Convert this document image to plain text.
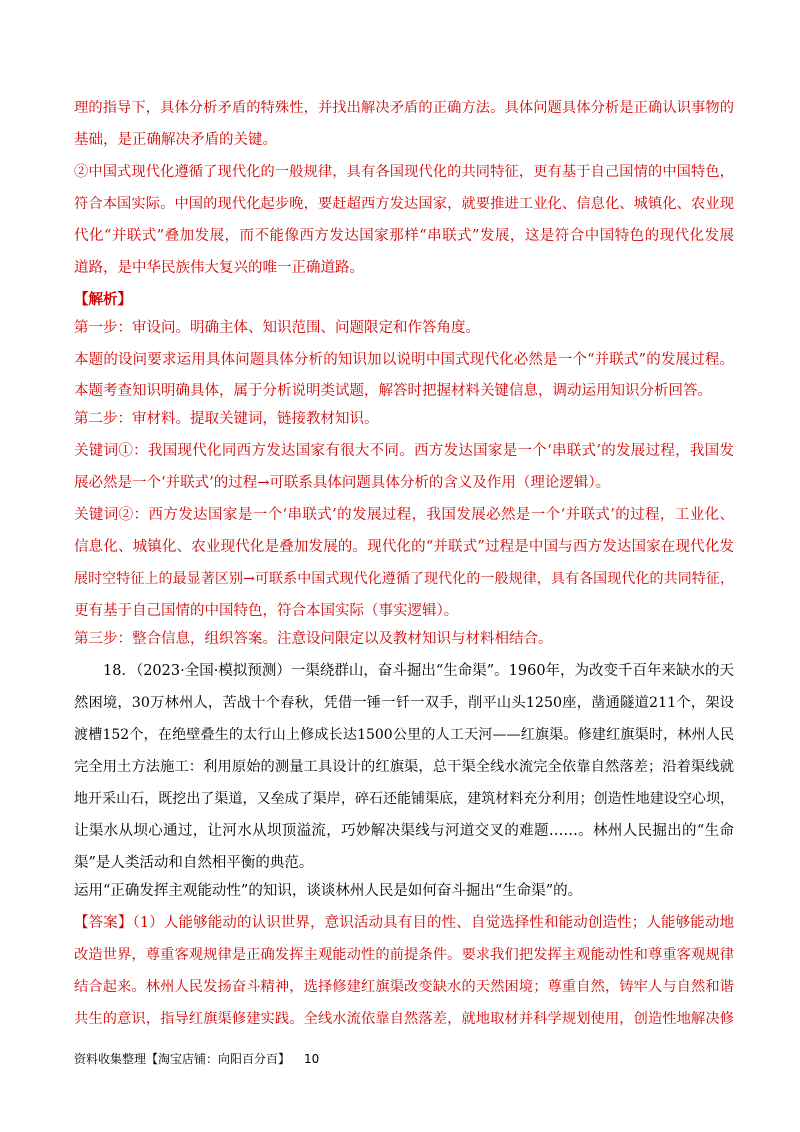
理的指导下，具体分析矛盾的特殊性，并找出解决矛盾的正确方法。具体问题具体分析是正确认识事物的
基础，是正确解决矛盾的关键。
②中国式现代化遵循了现代化的一般规律，具有各国现代化的共同特征，更有基于自己国情的中国特色，
符合本国实际。中国的现代化起步晚，要赶超西方发达国家，就要推进工业化、信息化、城镇化、农业现
代化“并联式”叠加发展，而不能像西方发达国家那样“串联式”发展，这是符合中国特色的现代化发展
道路，是中华民族伟大复兴的唯一正确道路。
【解析】
第一步：审设问。明确主体、知识范围、问题限定和作答角度。
本题的设问要求运用具体问题具体分析的知识加以说明中国式现代化必然是一个“并联式”的发展过程。
本题考查知识明确具体，属于分析说明类试题，解答时把握材料关键信息，调动运用知识分析回答。
第二步：审材料。提取关键词，链接教材知识。
关键词①：我国现代化同西方发达国家有很大不同。西方发达国家是一个‘串联式’的发展过程，我国发
展必然是一个‘并联式’的过程→可联系具体问题具体分析的含义及作用（理论逻辑）。
关键词②：西方发达国家是一个‘串联式’的发展过程，我国发展必然是一个‘并联式’的过程，工业化、
信息化、城镇化、农业现代化是叠加发展的。现代化的“并联式”过程是中国与西方发达国家在现代化发
展时空特征上的最显著区别→可联系中国式现代化遵循了现代化的一般规律，具有各国现代化的共同特征，
更有基于自己国情的中国特色，符合本国实际（事实逻辑）。
第三步：整合信息，组织答案。注意设问限定以及教材知识与材料相结合。
18．（2023·全国·模拟预测）一渠绕群山，奋斗掘出“生命渠”。1960年，为改变千百年来缺水的天
然困境，30万林州人，苦战十个春秋，凭借一锤一钎一双手，削平山头1250座，凿通隧道211个，架设
渡槽152个，在绝壁叠生的太行山上修成长达1500公里的人工天河——红旗渠。修建红旗渠时，林州人民
完全用土方法施工：利用原始的测量工具设计的红旗渠，总干渠全线水流完全依靠自然落差；沿着渠线就
地开采山石，既挖出了渠道，又垒成了渠岸，碎石还能铺渠底，建筑材料充分利用；创造性地建设空心坝，
让渠水从坝心通过，让河水从坝顶溢流，巧妙解决渠线与河道交叉的难题……。林州人民掘出的“生命
渠”是人类活动和自然相平衡的典范。
运用“正确发挥主观能动性”的知识，谈谈林州人民是如何奋斗掘出“生命渠”的。
【答案】（1）人能够能动的认识世界，意识活动具有目的性、自觉选择性和能动创造性；人能够能动地
改造世界，尊重客观规律是正确发挥主观能动性的前提条件。要求我们把发挥主观能动性和尊重客观规律
结合起来。林州人民发扬奋斗精神，选择修建红旗渠改变缺水的天然困境；尊重自然，铸牢人与自然和谐
共生的意识，指导红旗渠修建实践。全线水流依靠自然落差，就地取材并科学规划使用，创造性地解决修
资料收集整理【淘宝店铺：向阳百分百】 10
